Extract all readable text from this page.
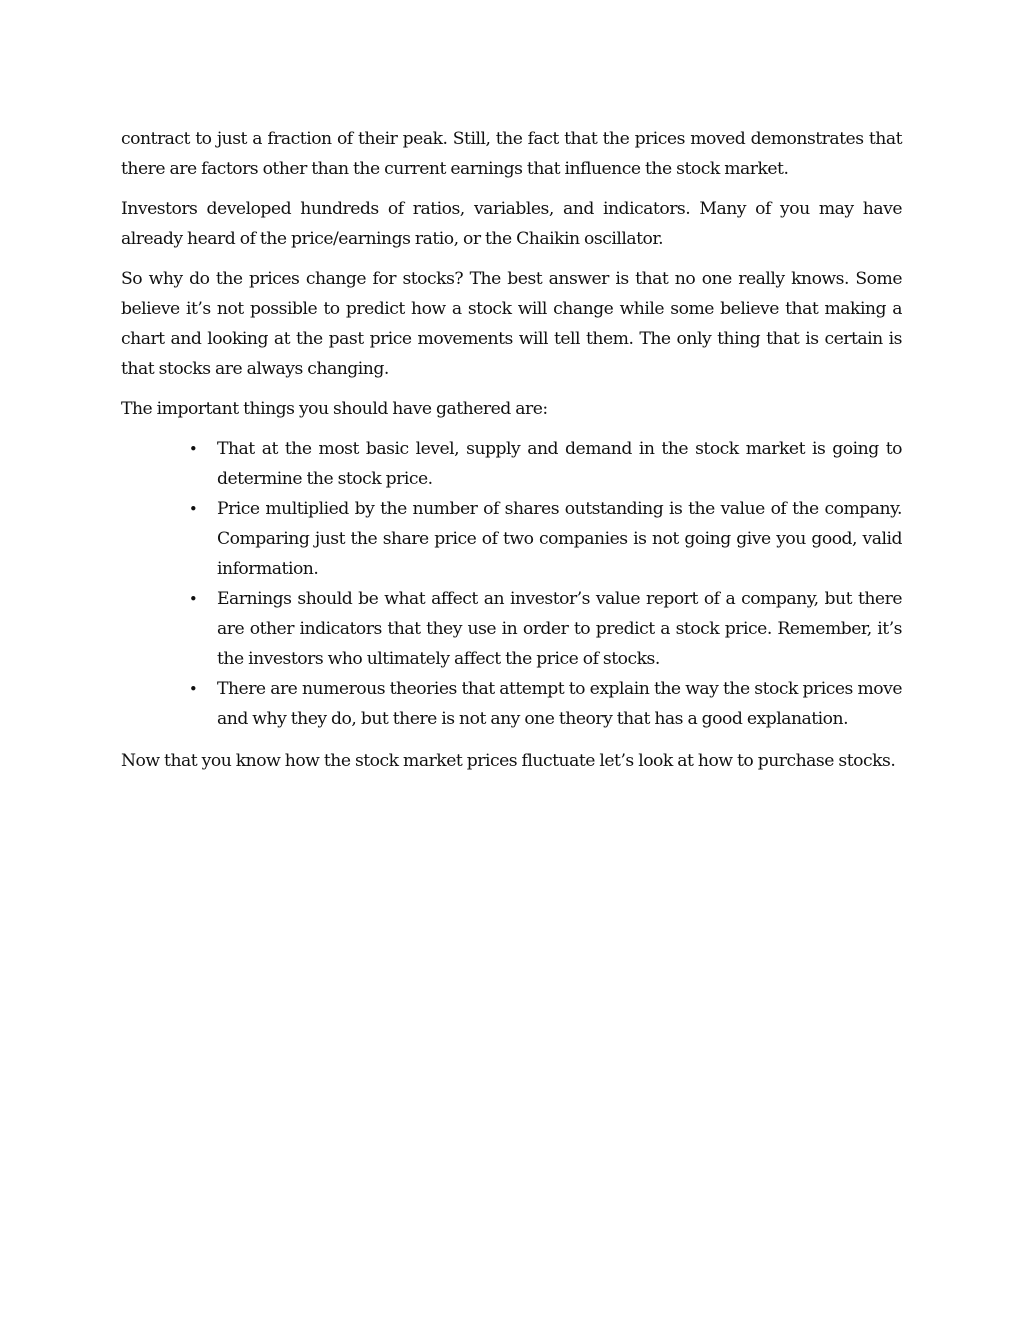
contract to just a fraction of their peak. Still, the fact that the prices moved demonstrates that there are factors other than the current earnings that influence the stock market.

Investors developed hundreds of ratios, variables, and indicators. Many of you may have already heard of the price/earnings ratio, or the Chaikin oscillator.

So why do the prices change for stocks? The best answer is that no one really knows. Some believe it’s not possible to predict how a stock will change while some believe that making a chart and looking at the past price movements will tell them. The only thing that is certain is that stocks are always changing.

The important things you should have gathered are:

• That at the most basic level, supply and demand in the stock market is going to determine the stock price.
• Price multiplied by the number of shares outstanding is the value of the company. Comparing just the share price of two companies is not going give you good, valid information.
• Earnings should be what affect an investor’s value report of a company, but there are other indicators that they use in order to predict a stock price. Remember, it’s the investors who ultimately affect the price of stocks.
• There are numerous theories that attempt to explain the way the stock prices move and why they do, but there is not any one theory that has a good explanation.

Now that you know how the stock market prices fluctuate let’s look at how to purchase stocks.
